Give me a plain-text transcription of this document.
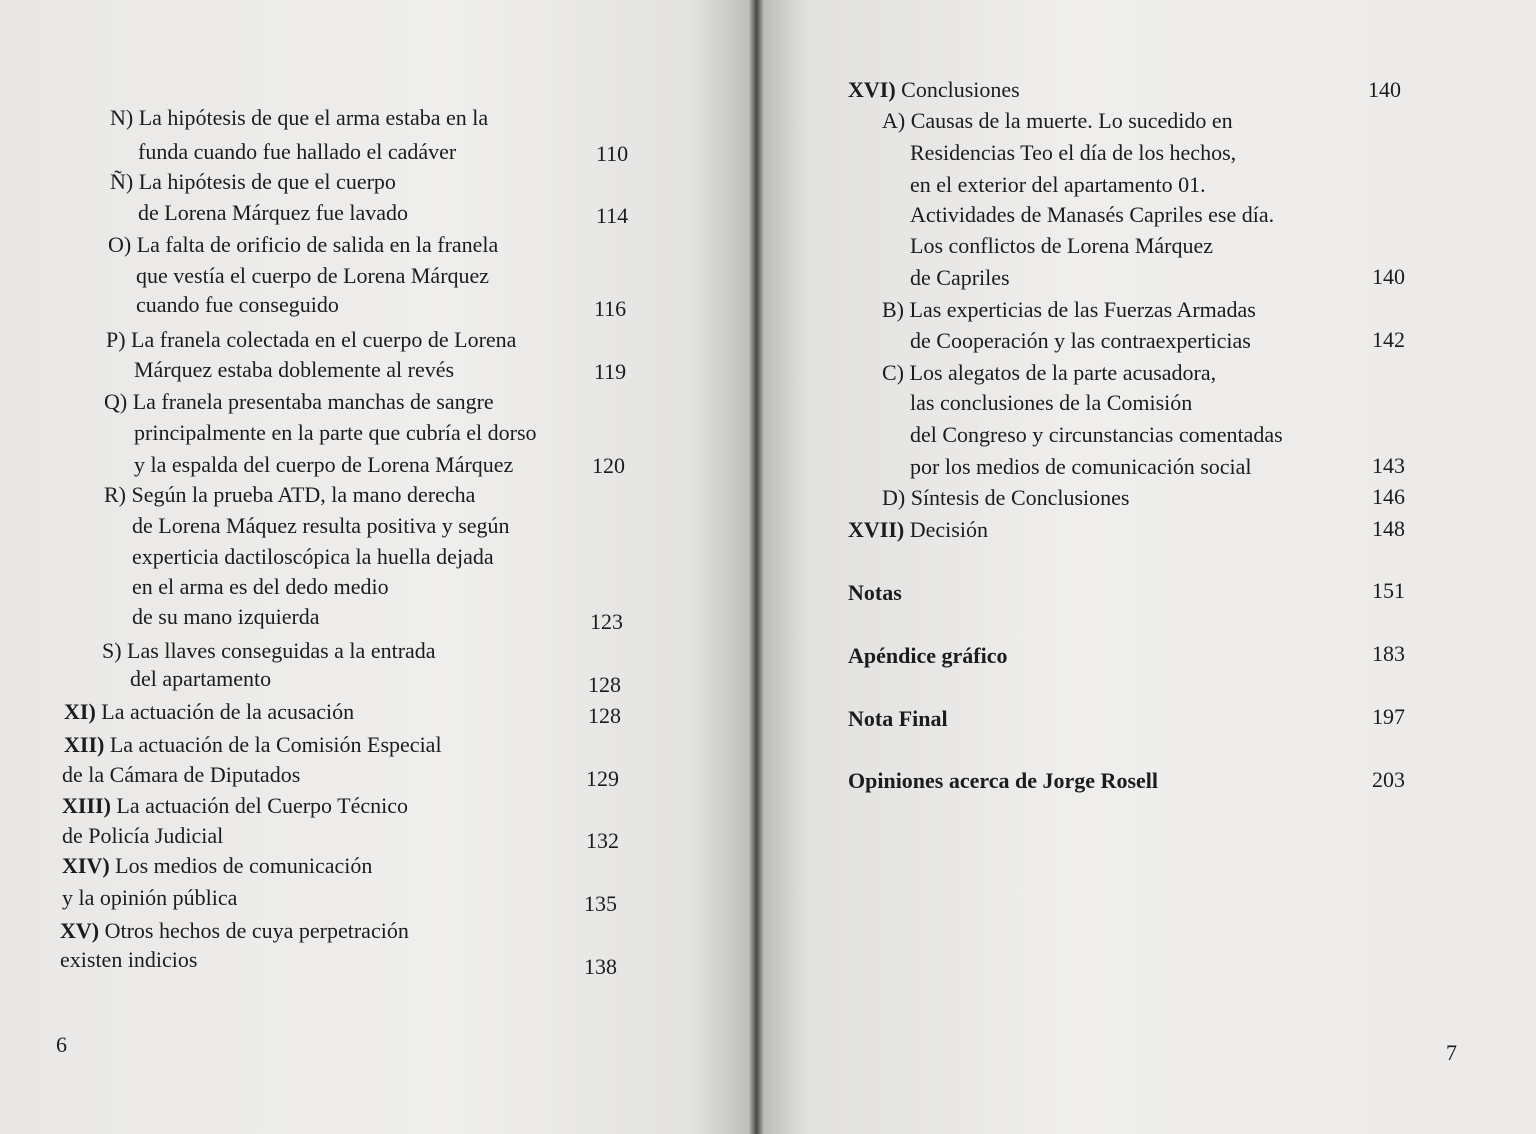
N) La hipótesis de que el arma estaba en la
funda cuando fue hallado el cadáver	110
Ñ) La hipótesis de que el cuerpo
de Lorena Márquez fue lavado	114
O) La falta de orificio de salida en la franela
que vestía el cuerpo de Lorena Márquez
cuando fue conseguido	116
P) La franela colectada en el cuerpo de Lorena
Márquez estaba doblemente al revés	119
Q) La franela presentaba manchas de sangre
principalmente en la parte que cubría el dorso
y la espalda del cuerpo de Lorena Márquez	120
R) Según la prueba ATD, la mano derecha
de Lorena Máquez resulta positiva y según
experticia dactiloscópica la huella dejada
en el arma es del dedo medio
de su mano izquierda	123
S) Las llaves conseguidas a la entrada
del apartamento	128
XI) La actuación de la acusación	128
XII) La actuación de la Comisión Especial
de la Cámara de Diputados	129
XIII) La actuación del Cuerpo Técnico
de Policía Judicial	132
XIV) Los medios de comunicación
y la opinión pública	135
XV) Otros hechos de cuya perpetración
existen indicios	138
6
XVI) Conclusiones	140
A) Causas de la muerte. Lo sucedido en
Residencias Teo el día de los hechos,
en el exterior del apartamento 01.
Actividades de Manasés Capriles ese día.
Los conflictos de Lorena Márquez
de Capriles	140
B) Las experticias de las Fuerzas Armadas
de Cooperación y las contraexperticias	142
C) Los alegatos de la parte acusadora,
las conclusiones de la Comisión
del Congreso y circunstancias comentadas
por los medios de comunicación social	143
D) Síntesis de Conclusiones	146
XVII) Decisión	148
Notas	151
Apéndice gráfico	183
Nota Final	197
Opiniones acerca de Jorge Rosell	203
7
